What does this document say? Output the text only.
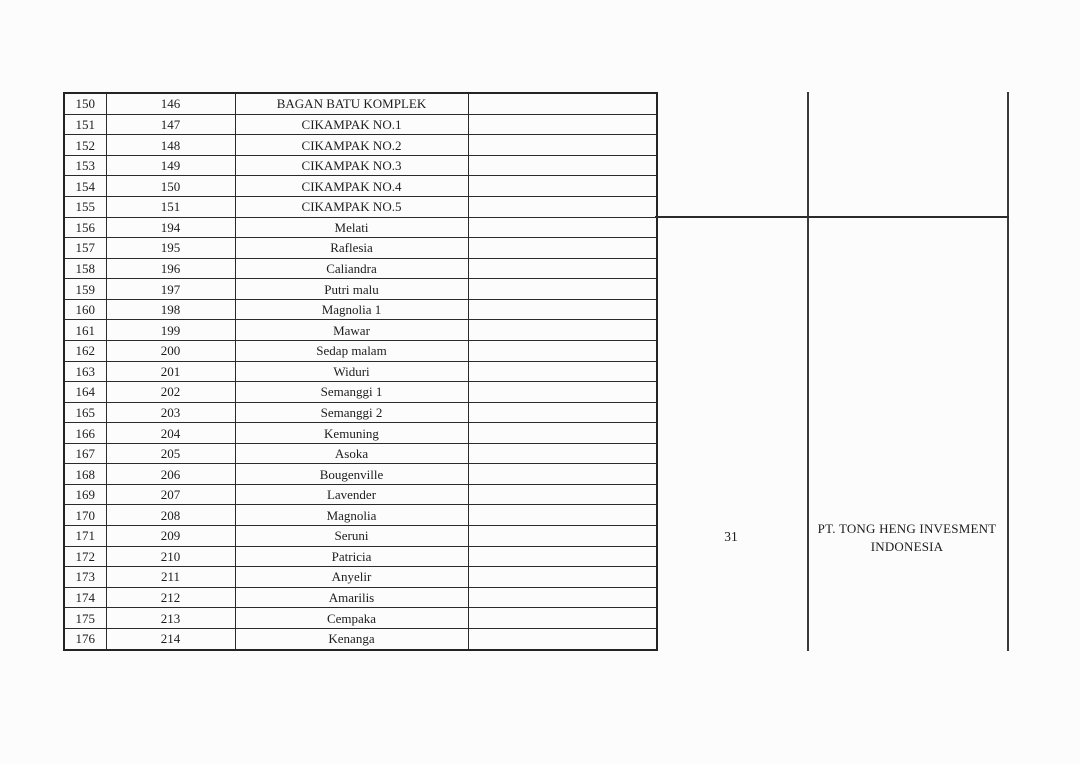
150	146	BAGAN BATU KOMPLEK	
151	147	CIKAMPAK NO.1	
152	148	CIKAMPAK NO.2	
153	149	CIKAMPAK NO.3	
154	150	CIKAMPAK NO.4	
155	151	CIKAMPAK NO.5	
156	194	Melati	
157	195	Raflesia	
158	196	Caliandra	
159	197	Putri malu	
160	198	Magnolia 1	
161	199	Mawar	
162	200	Sedap malam	
163	201	Widuri	
164	202	Semanggi 1	
165	203	Semanggi 2	
166	204	Kemuning	
167	205	Asoka	
168	206	Bougenville	
169	207	Lavender	
170	208	Magnolia	
171	209	Seruni	
172	210	Patricia	
173	211	Anyelir	
174	212	Amarilis	
175	213	Cempaka	
176	214	Kenanga	
31
PT. TONG HENG INVESMENT
INDONESIA
